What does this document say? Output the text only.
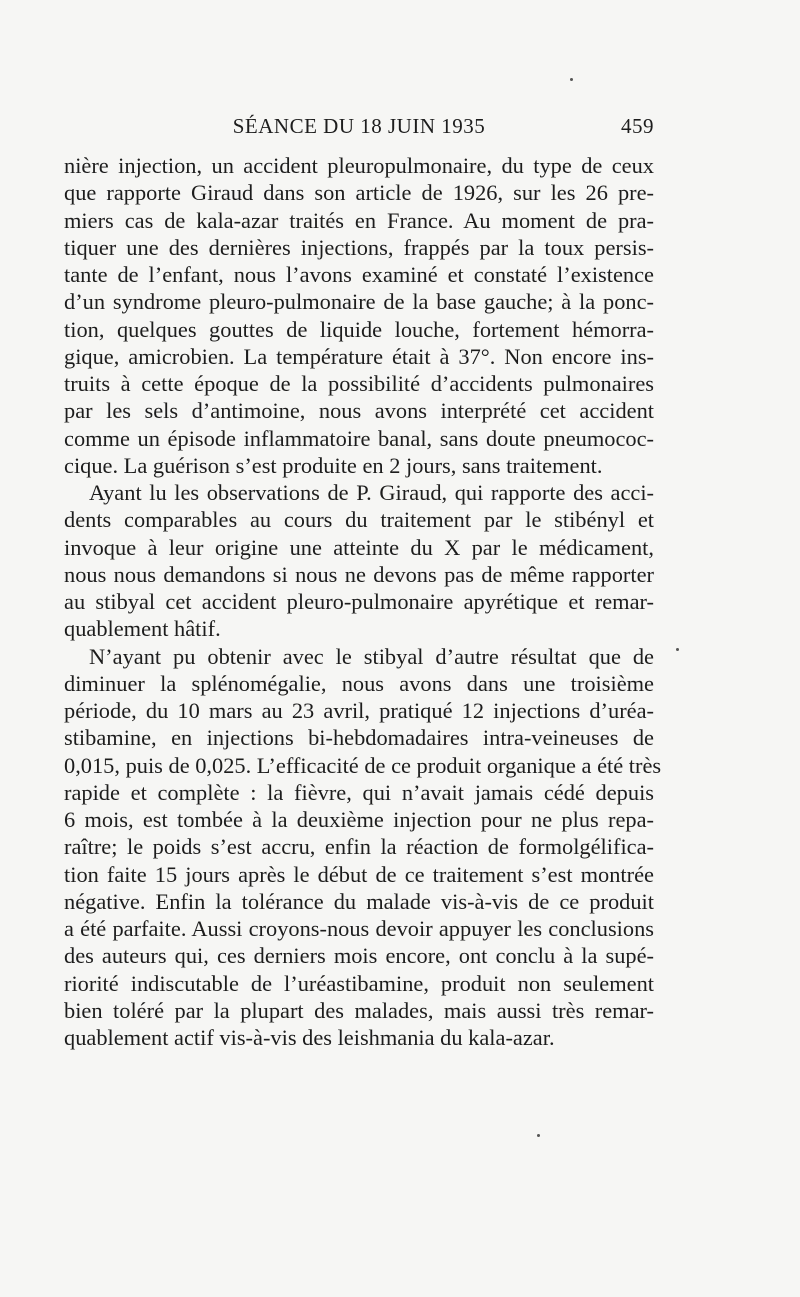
SÉANCE DU 18 JUIN 1935	459

nière injection, un accident pleuropulmonaire, du type de ceux
que rapporte Giraud dans son article de 1926, sur les 26 pre-
miers cas de kala-azar traités en France. Au moment de pra-
tiquer une des dernières injections, frappés par la toux persis-
tante de l’enfant, nous l’avons examiné et constaté l’existence
d’un syndrome pleuro-pulmonaire de la base gauche; à la ponc-
tion, quelques gouttes de liquide louche, fortement hémorra-
gique, amicrobien. La température était à 37°. Non encore ins-
truits à cette époque de la possibilité d’accidents pulmonaires
par les sels d’antimoine, nous avons interprété cet accident
comme un épisode inflammatoire banal, sans doute pneumococ-
cique. La guérison s’est produite en 2 jours, sans traitement.

Ayant lu les observations de P. Giraud, qui rapporte des acci-
dents comparables au cours du traitement par le stibényl et
invoque à leur origine une atteinte du X par le médicament,
nous nous demandons si nous ne devons pas de même rapporter
au stibyal cet accident pleuro-pulmonaire apyrétique et remar-
quablement hâtif.

N’ayant pu obtenir avec le stibyal d’autre résultat que de
diminuer la splénomégalie, nous avons dans une troisième
période, du 10 mars au 23 avril, pratiqué 12 injections d’uréa-
stibamine, en injections bi-hebdomadaires intra-veineuses de
0,015, puis de 0,025. L’efficacité de ce produit organique a été très
rapide et complète : la fièvre, qui n’avait jamais cédé depuis
6 mois, est tombée à la deuxième injection pour ne plus repa-
raître; le poids s’est accru, enfin la réaction de formolgélifica-
tion faite 15 jours après le début de ce traitement s’est montrée
négative. Enfin la tolérance du malade vis-à-vis de ce produit
a été parfaite. Aussi croyons-nous devoir appuyer les conclusions
des auteurs qui, ces derniers mois encore, ont conclu à la supé-
riorité indiscutable de l’uréastibamine, produit non seulement
bien toléré par la plupart des malades, mais aussi très remar-
quablement actif vis-à-vis des leishmania du kala-azar.
